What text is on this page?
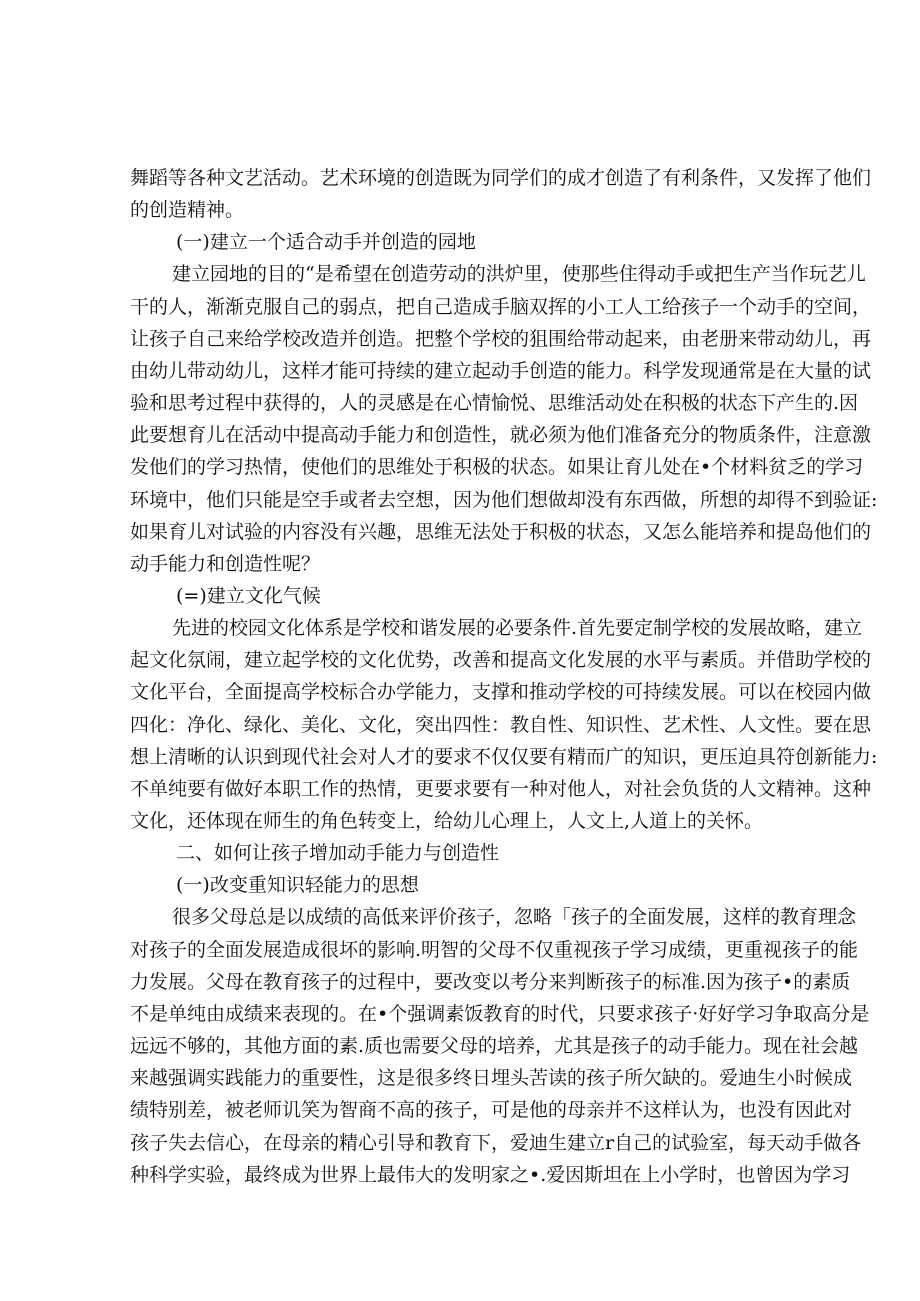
舞蹈等各种文艺活动。艺术环境的创造既为同学们的成才创造了有利条件，又发挥了他们
的创造精神。
(一)建立一个适合动手并创造的园地
建立园地的目的“是希望在创造劳动的洪炉里，使那些住得动手或把生产当作玩艺儿
干的人，渐渐克服自己的弱点，把自己造成手脑双挥的小工人工给孩子一个动手的空间，
让孩子自己来给学校改造并创造。把整个学校的狙围给带动起来，由老册来带动幼儿，再
由幼儿带动幼儿，这样才能可持续的建立起动手创造的能力。科学发现通常是在大量的试
验和思考过程中获得的，人的灵感是在心情愉悦、思维活动处在积极的状态下产生的.因
此要想育儿在活动中提高动手能力和创造性，就必须为他们准备充分的物质条件，注意激
发他们的学习热情，使他们的思维处于积极的状态。如果让育儿处在•个材料贫乏的学习
环境中，他们只能是空手或者去空想，因为他们想做却没有东西做，所想的却得不到验证:
如果育儿对试验的内容没有兴趣，思维无法处于积极的状态，又怎么能培养和提岛他们的
动手能力和创造性呢？
(=)建立文化气候
先进的校园文化体系是学校和谐发展的必要条件.首先要定制学校的发展故略，建立
起文化氛闹，建立起学校的文化优势，改善和提高文化发展的水平与素质。并借助学校的
文化平台，全面提高学校标合办学能力，支撑和推动学校的可持续发展。可以在校园内做
四化：净化、绿化、美化、文化，突出四性：教自性、知识性、艺术性、人文性。要在思
想上清晰的认识到现代社会对人才的要求不仅仅要有精而广的知识，更压迫具符创新能力:
不单纯要有做好本职工作的热情，更要求要有一种对他人，对社会负货的人文精神。这种
文化，还体现在师生的角色转变上，给幼儿心理上，人文上,人道上的关怀。
二、如何让孩子增加动手能力与创造性
(一)改变重知识轻能力的思想
很多父母总是以成绩的高低来评价孩子，忽略「孩子的全面发展，这样的教育理念
对孩子的全面发展造成很坏的影响.明智的父母不仅重视孩子学习成绩，更重视孩子的能
力发展。父母在教育孩子的过程中，要改变以考分来判断孩子的标准.因为孩子•的素质
不是单纯由成绩来表现的。在•个强调素饭教育的时代，只要求孩子·好好学习争取高分是
远远不够的，其他方面的素.质也需要父母的培养，尤其是孩子的动手能力。现在社会越
来越强调实践能力的重要性，这是很多终日埋头苦读的孩子所欠缺的。爱迪生小时候成
绩特别差，被老师讥笑为智商不高的孩子，可是他的母亲并不这样认为，也没有因此对
孩子失去信心，在母亲的精心引导和教育下，爱迪生建立r自己的试验室，每天动手做各
种科学实验，最终成为世界上最伟大的发明家之•.爱因斯坦在上小学时，也曾因为学习
